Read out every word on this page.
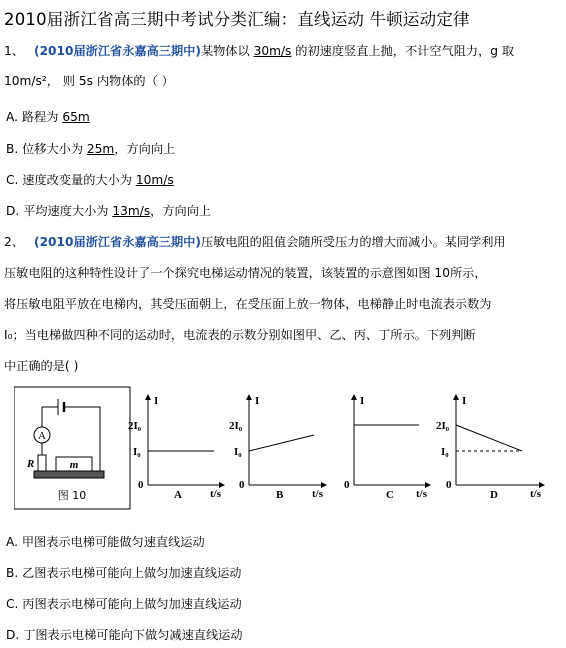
2010届浙江省高三期中考试分类汇编：直线运动 牛顿运动定律
1、 (2010届浙江省永嘉高三期中)某物体以 30m/s 的初速度竖直上抛，不计空气阻力，g 取
10m/s²， 则 5s 内物体的（ ）
A. 路程为 65m
B. 位移大小为 25m，方向向上
C. 速度改变量的大小为 10m/s
D. 平均速度大小为 13m/s，方向向上
2、 (2010届浙江省永嘉高三期中)压敏电阻的阻值会随所受压力的增大而减小。某同学利用
压敏电阻的这种特性设计了一个探究电梯运动情况的装置，该装置的示意图如图 10所示，
将压敏电阻平放在电梯内，其受压面朝上，在受压面上放一物体，电梯静止时电流表示数为
I₀；当电梯做四种不同的运动时，电流表的示数分别如图甲、乙、丙、丁所示。下列判断
中正确的是( )
A
R	m
图 10
I
2I₀
I₀
0
t/s
A
I
2I₀
I₀
0
t/s
B
I
0
t/s
C
I
2I₀
I₀
0
t/s
D
A. 甲图表示电梯可能做匀速直线运动
B. 乙图表示电梯可能向上做匀加速直线运动
C. 丙图表示电梯可能向上做匀加速直线运动
D. 丁图表示电梯可能向下做匀减速直线运动
